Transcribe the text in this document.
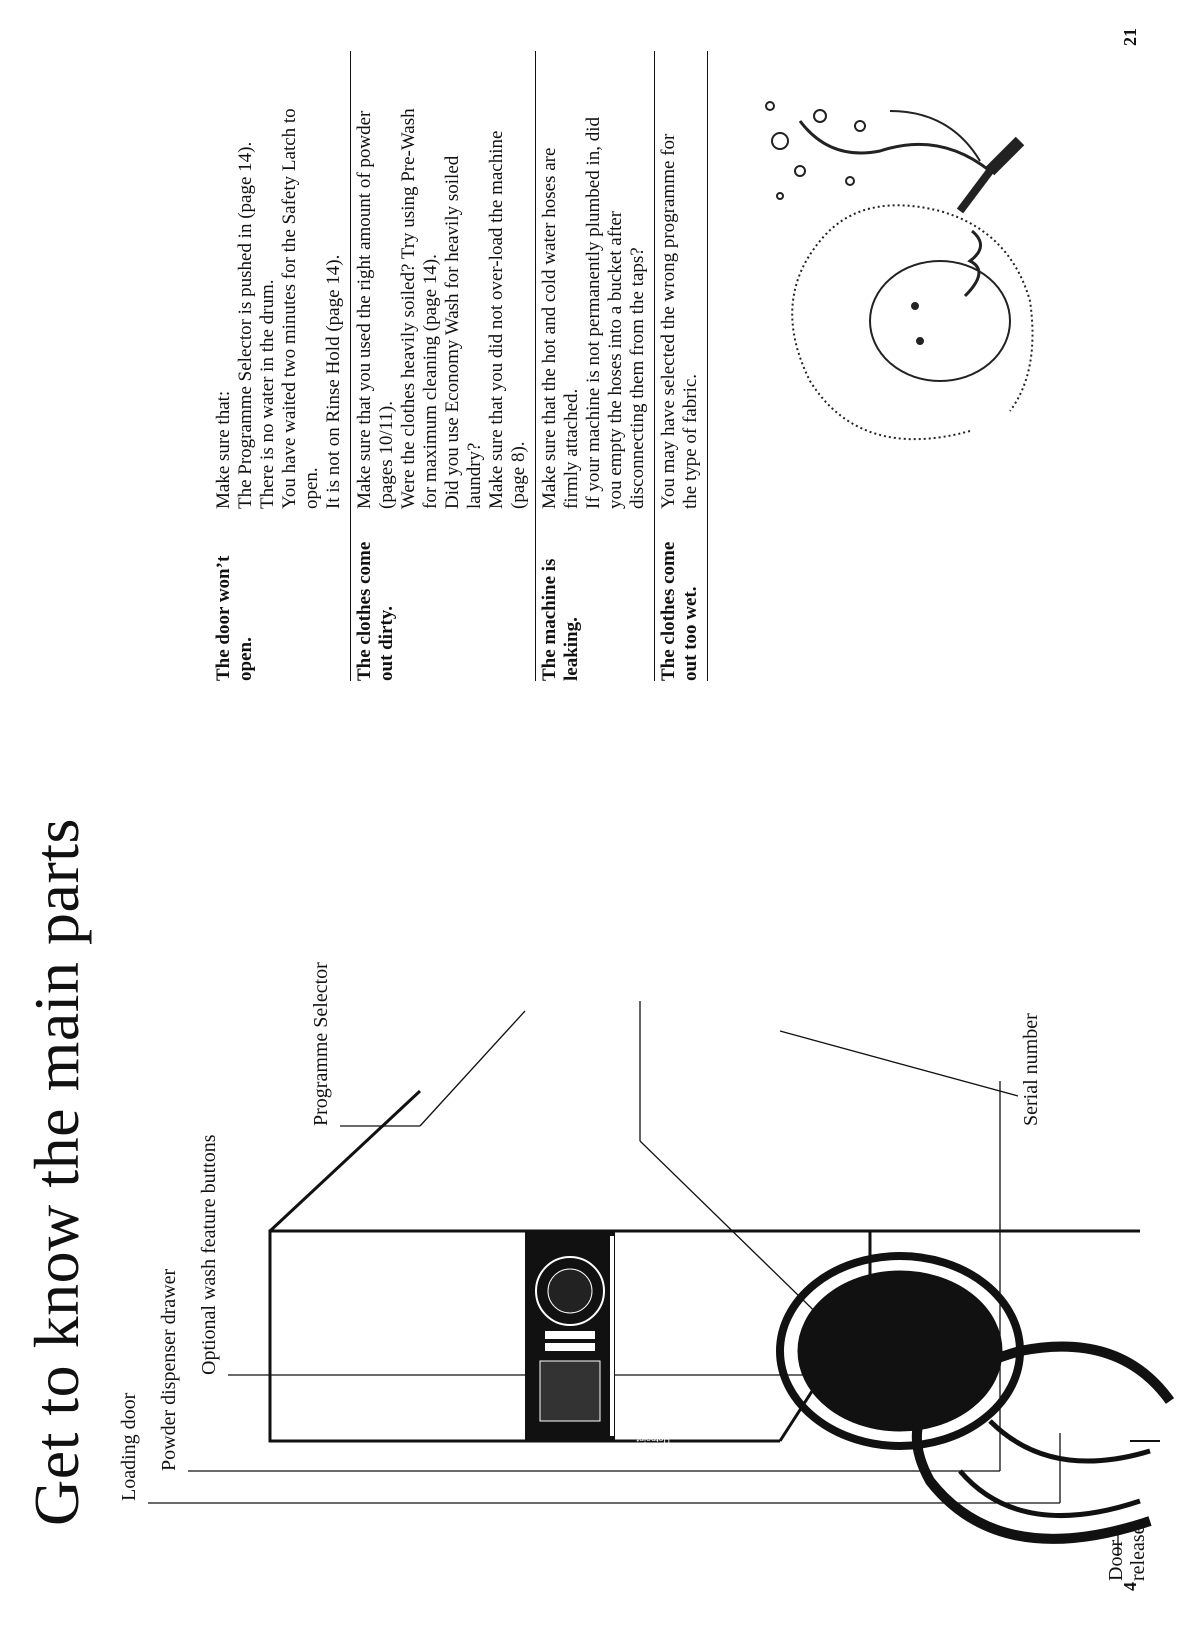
Get to know the main parts Loading door Powder dispenser drawer Optional wash feature buttons
Programme Selector	Serial number
Door release
Hotpoint
4
The door won’t open.
Make sure that: The Programme Selector is pushed in (page 14). There is no water in the drum. You have waited two minutes for the Safety Latch to open. It is not on Rinse Hold (page 14).
The clothes come out dirty.
Make sure that you used the right amount of powder (pages 10/11). Were the clothes heavily soiled? Try using Pre-Wash for maximum cleaning (page 14). Did you use Economy Wash for heavily soiled laundry? Make sure that you did not over-load the machine (page 8).
The machine is leaking.
Make sure that the hot and cold water hoses are firmly attached. If your machine is not permanently plumbed in, did you empty the hoses into a bucket after disconnecting them from the taps?
The clothes come out too wet.
You may have selected the wrong programme for the type of fabric.
21
